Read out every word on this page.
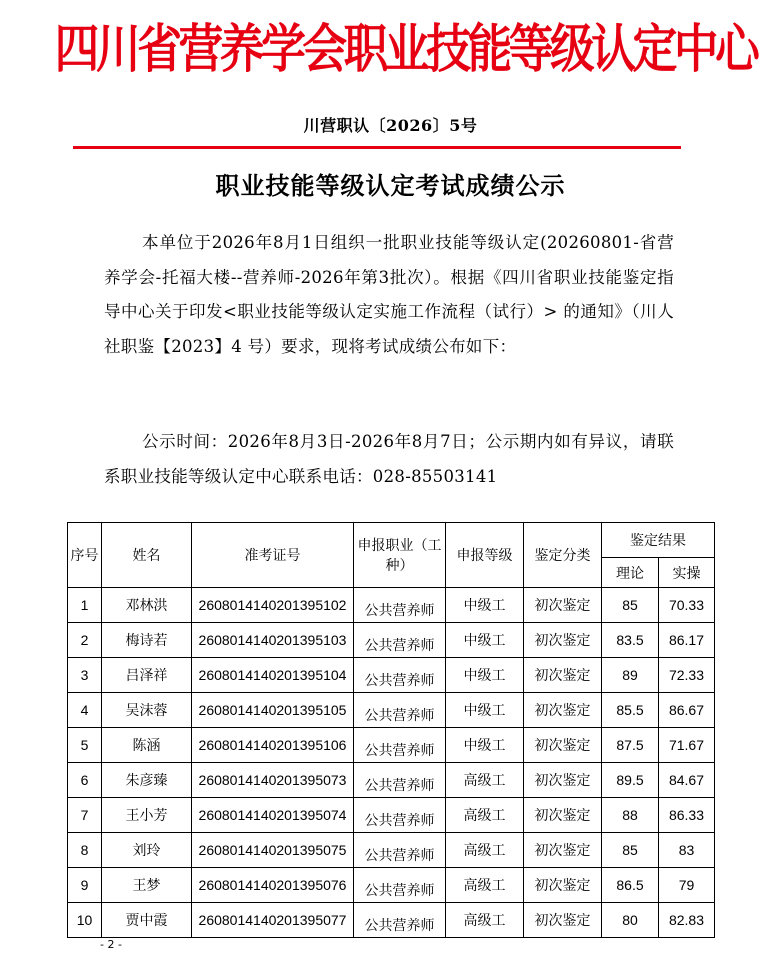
四川省营养学会职业技能等级认定中心
川营职认〔2026〕5号
职业技能等级认定考试成绩公示

本单位于2026年8月1日组织一批职业技能等级认定(20260801-省营养学会-托福大楼--营养师-2026年第3批次）。根据《四川省职业技能鉴定指导中心关于印发<职业技能等级认定实施工作流程（试行）> 的通知》（川人社职鉴【2023】4 号）要求，现将考试成绩公布如下：

公示时间：2026年8月3日-2026年8月7日；公示期内如有异议，请联系职业技能等级认定中心联系电话：028-85503141

序号	姓名	准考证号	申报职业（工种）	申报等级	鉴定分类	鉴定结果	
						理论	实操
1	邓林洪	2608014140201395102	公共营养师	中级工	初次鉴定	85	70.33
2	梅诗若	2608014140201395103	公共营养师	中级工	初次鉴定	83.5	86.17
3	吕泽祥	2608014140201395104	公共营养师	中级工	初次鉴定	89	72.33
4	吴沫蓉	2608014140201395105	公共营养师	中级工	初次鉴定	85.5	86.67
5	陈涵	2608014140201395106	公共营养师	中级工	初次鉴定	87.5	71.67
6	朱彦臻	2608014140201395073	公共营养师	高级工	初次鉴定	89.5	84.67
7	王小芳	2608014140201395074	公共营养师	高级工	初次鉴定	88	86.33
8	刘玲	2608014140201395075	公共营养师	高级工	初次鉴定	85	83
9	王梦	2608014140201395076	公共营养师	高级工	初次鉴定	86.5	79
10	贾中霞	2608014140201395077	公共营养师	高级工	初次鉴定	80	82.83
- 2 -
